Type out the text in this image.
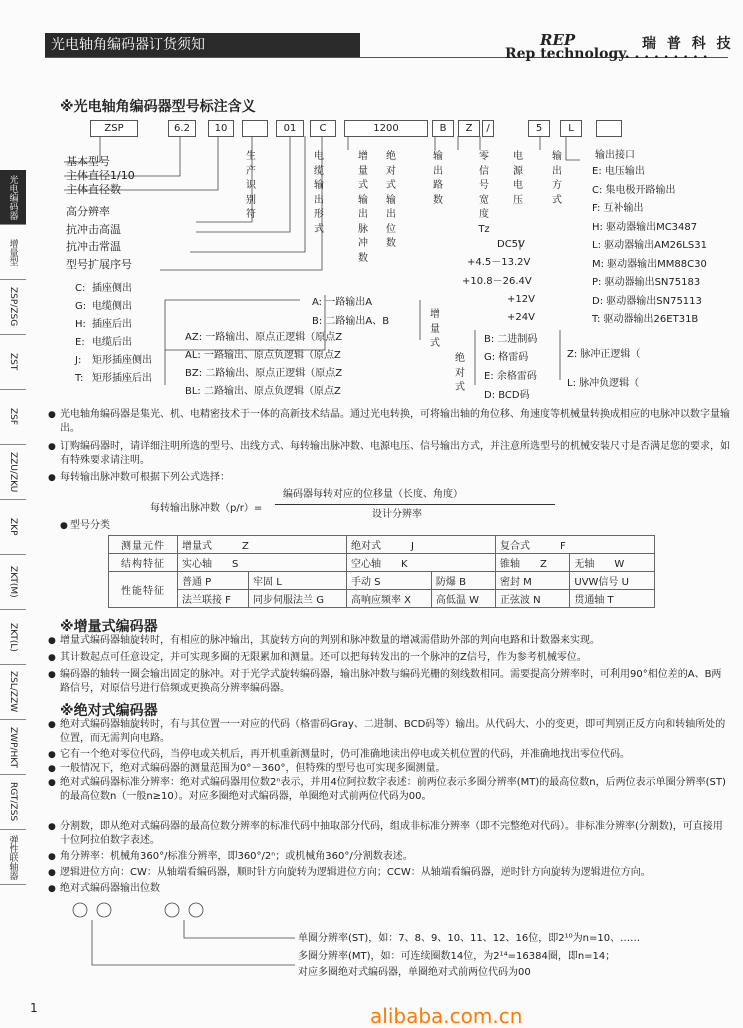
光电轴角编码器订货须知	REP	瑞 普 科 技
Rep technology. . . . . . . . .
光电编码器
增量型
ZSP/ZSG
ZST
ZSF
ZZU/ZKU
ZKP
ZKT(M)
ZKT(L)
ZSL/ZZW
ZWP/HKT
RGT/ZSS
弹性联轴器
※光电轴角编码器型号标注含义
ZSP	6.2	10	01	C	1200	B	Z	/	5	L
基本型号
主体直径1/10
主体直径数
高分辨率
抗冲击高温
抗冲击常温
型号扩展序号
生产识别符
电缆输出形式
增量式输出脉冲数
绝对式输出位数
输出路数
零信号宽度Tz
电源电压
输出方式
C: 插座侧出
G: 电缆侧出
H: 插座后出
E: 电缆后出
J: 矩形插座侧出
T: 矩形插座后出
A: 一路输出A
B: 二路输出A、B
AZ: 一路输出、原点正逻辑（原点Z
AL: 一路输出、原点负逻辑（原点Z
BZ: 二路输出、原点正逻辑（原点Z
BL: 二路输出、原点负逻辑（原点Z
增量式
绝对式
B: 二进制码
G: 格雷码
E: 余格雷码
D: BCD码
Z: 脉冲正逻辑（
L: 脉冲负逻辑（
DC5V
+4.5－13.2V
+10.8－26.4V
+12V
+24V
输出接口
E: 电压输出
C: 集电极开路输出
F: 互补输出
H: 驱动器输出MC3487
L: 驱动器输出AM26LS31
M: 驱动器输出MM88C30
P: 驱动器输出SN75183
D: 驱动器输出SN75113
T: 驱动器输出26ET31B
● 光电轴角编码器是集光、机、电精密技术于一体的高新技术结晶。通过光电转换，可将输出轴的角位移、角速度等机械量转换成相应的电脉冲以数字量输出。
● 订购编码器时，请详细注明所选的型号、出线方式、每转输出脉冲数、电源电压、信号输出方式，并注意所选型号的机械安装尺寸是否满足您的要求，如有特殊要求请注明。
● 每转输出脉冲数可根据下列公式选择：
每转输出脉冲数（p/r）=
编码器每转对应的位移量（长度、角度）
设计分辨率
● 型号分类
测量元件	增量式　　　Z		绝对式　　　J		复合式　　　F	
结构特征	实心轴　　S		空心轴　　K		锥轴　　Z	无轴　　W
性能特征	普通 P	牢固 L	手动 S	防爆 B	密封 M	UVW信号 U
	法兰联接 F	同步伺服法兰 G	高响应频率 X	高低温 W	正弦波 N	贯通轴 T
※增量式编码器
● 增量式编码器轴旋转时，有相应的脉冲输出，其旋转方向的判别和脉冲数量的增减需借助外部的判向电路和计数器来实现。
● 其计数起点可任意设定，并可实现多圈的无限累加和测量。还可以把每转发出的一个脉冲的Z信号，作为参考机械零位。
● 编码器的轴转一圈会输出固定的脉冲。对于光学式旋转编码器，输出脉冲数与编码光栅的刻线数相同。需要提高分辨率时，可利用90°相位差的A、B两路信号，对原信号进行倍频或更换高分辨率编码器。
※绝对式编码器
● 绝对式编码器轴旋转时，有与其位置一一对应的代码（格雷码Gray、二进制、BCD码等）输出。从代码大、小的变更，即可判别正反方向和转轴所处的位置，而无需判向电路。
● 它有一个绝对零位代码，当停电或关机后，再开机重新测量时，仍可准确地读出停电或关机位置的代码，并准确地找出零位代码。
● 一般情况下，绝对式编码器的测量范围为0°－360°，但特殊的型号也可实现多圈测量。
● 绝对式编码器标准分辨率：绝对式编码器用位数2ⁿ表示，并用4位阿拉数字表述：前两位表示多圈分辨率(MT)的最高位数n，后两位表示单圈分辨率(ST)的最高位数n（一般n≥10）。对应多圈绝对式编码器，单圈绝对式前两位代码为00。
● 分割数，即从绝对式编码器的最高位数分辨率的标准代码中抽取部分代码，组成非标准分辨率（即不完整绝对代码）。非标准分辨率(分割数)，可直接用十位阿拉伯数字表述。
● 角分辨率：机械角360°/标准分辨率，即360°/2ⁿ；或机械角360°/分割数表述。
● 逻辑进位方向：CW：从轴端看编码器，顺时针方向旋转为逻辑进位方向；CCW：从轴端看编码器，逆时针方向旋转为逻辑进位方向。
● 绝对式编码器输出位数
单圈分辨率(ST)，如：7、8、9、10、11、12、16位，即2¹⁰为n=10、……
多圈分辨率(MT)，如：可连续圈数14位，为2¹⁴=16384圈，即n=14；
对应多圈绝对式编码器，单圈绝对式前两位代码为00
1	alibaba.com.cn
